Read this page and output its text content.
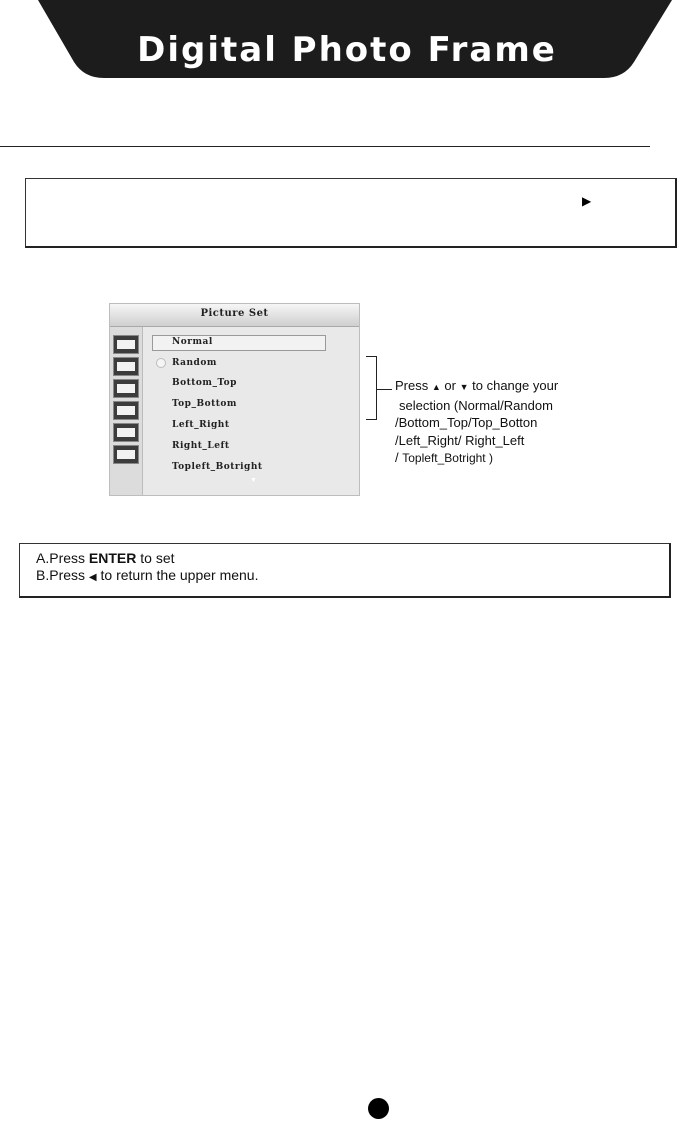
Digital Photo Frame
▶
Picture Set
Normal
Random
Bottom_Top
Top_Bottom
Left_Right
Right_Left
Topleft_Botright
▼
Press ▲ or ▼ to change your
selection (Normal/Random
/Bottom_Top/Top_Botton
/Left_Right/ Right_Left
/ Topleft_Botright )
A.Press ENTER to set
B.Press ◀ to return the upper menu.
